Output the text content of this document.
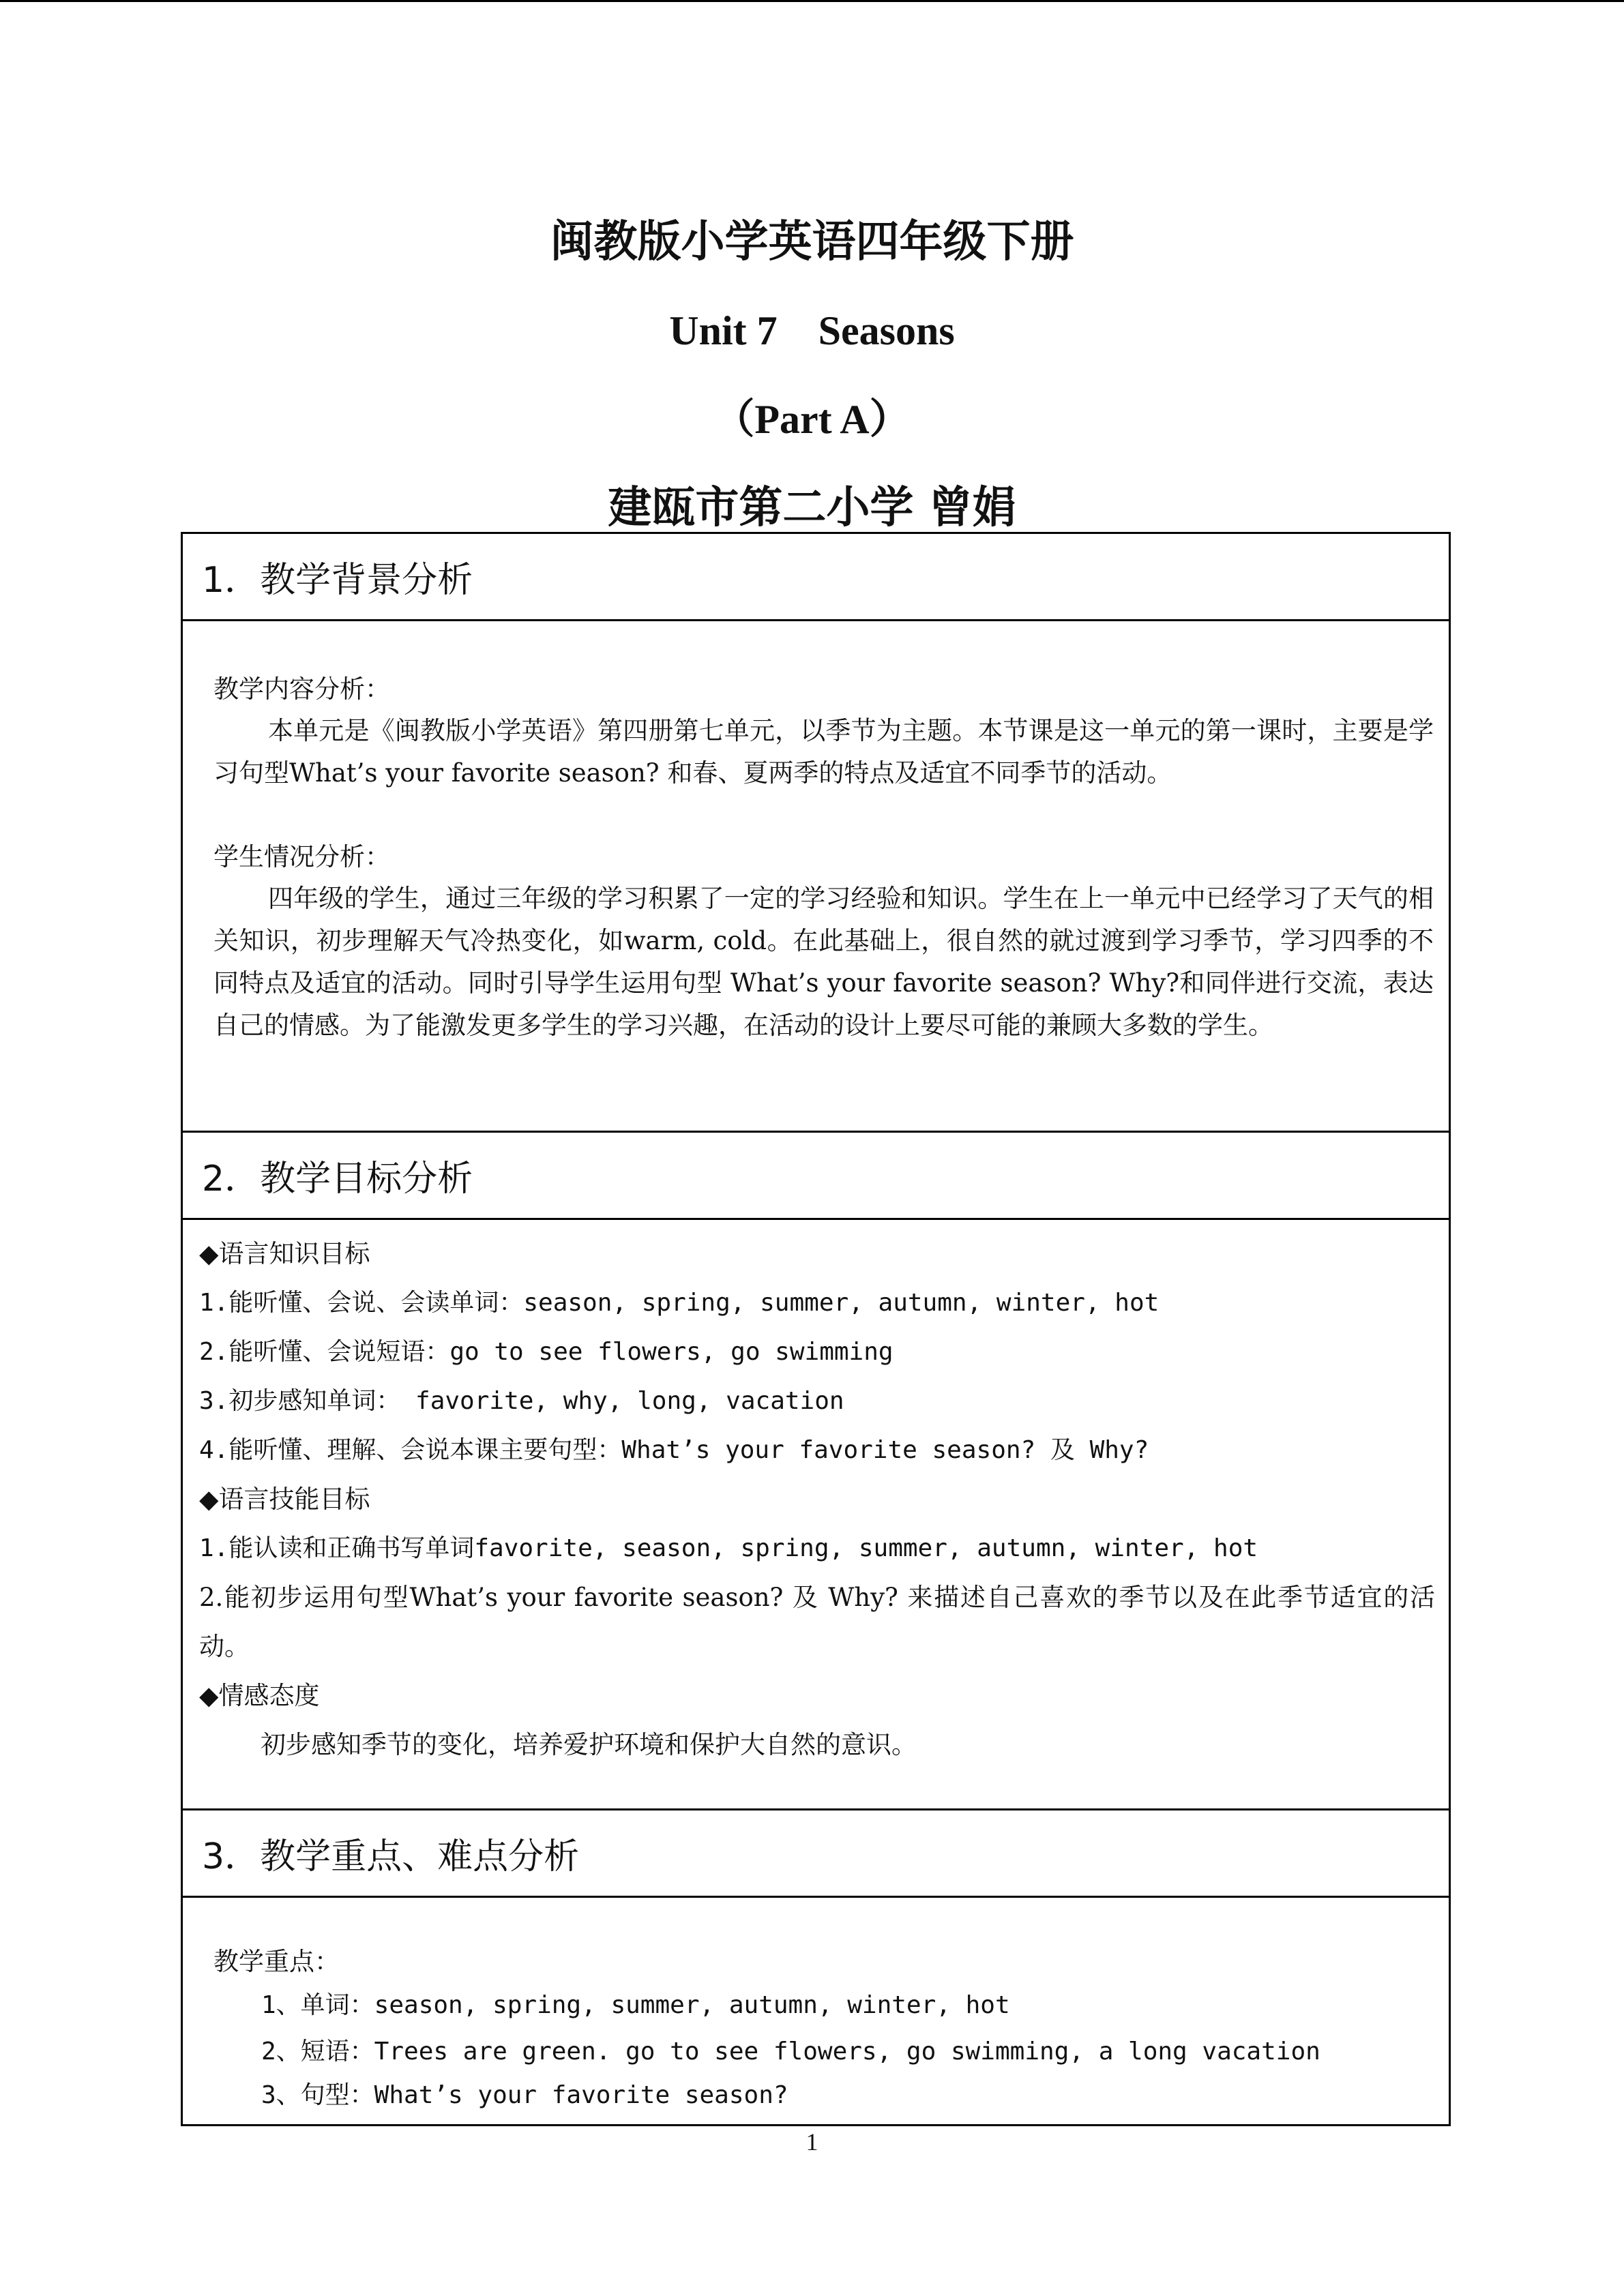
闽教版小学英语四年级下册
Unit 7    Seasons
（Part A）
建瓯市第二小学 曾娟
1．教学背景分析
教学内容分析：
本单元是《闽教版小学英语》第四册第七单元，以季节为主题。本节课是这一单元的第一课时，主要是学习句型What’s your favorite season? 和春、夏两季的特点及适宜不同季节的活动。
学生情况分析：
四年级的学生，通过三年级的学习积累了一定的学习经验和知识。学生在上一单元中已经学习了天气的相关知识，初步理解天气冷热变化，如warm, cold。在此基础上，很自然的就过渡到学习季节，学习四季的不同特点及适宜的活动。同时引导学生运用句型 What’s your favorite season? Why?和同伴进行交流，表达自己的情感。为了能激发更多学生的学习兴趣，在活动的设计上要尽可能的兼顾大多数的学生。
2．教学目标分析
◆语言知识目标
1.能听懂、会说、会读单词：season, spring, summer, autumn, winter, hot
2.能听懂、会说短语：go to see flowers, go swimming
3.初步感知单词： favorite, why, long, vacation
4.能听懂、理解、会说本课主要句型：What’s your favorite season? 及 Why?
◆语言技能目标
1.能认读和正确书写单词favorite, season, spring, summer, autumn, winter, hot
2.能初步运用句型What’s your favorite season? 及 Why? 来描述自己喜欢的季节以及在此季节适宜的活动。
◆情感态度
初步感知季节的变化，培养爱护环境和保护大自然的意识。
3．教学重点、难点分析
教学重点：
1、单词：season, spring, summer, autumn, winter, hot
2、短语：Trees are green. go to see flowers, go swimming, a long vacation
3、句型：What’s your favorite season?
1
